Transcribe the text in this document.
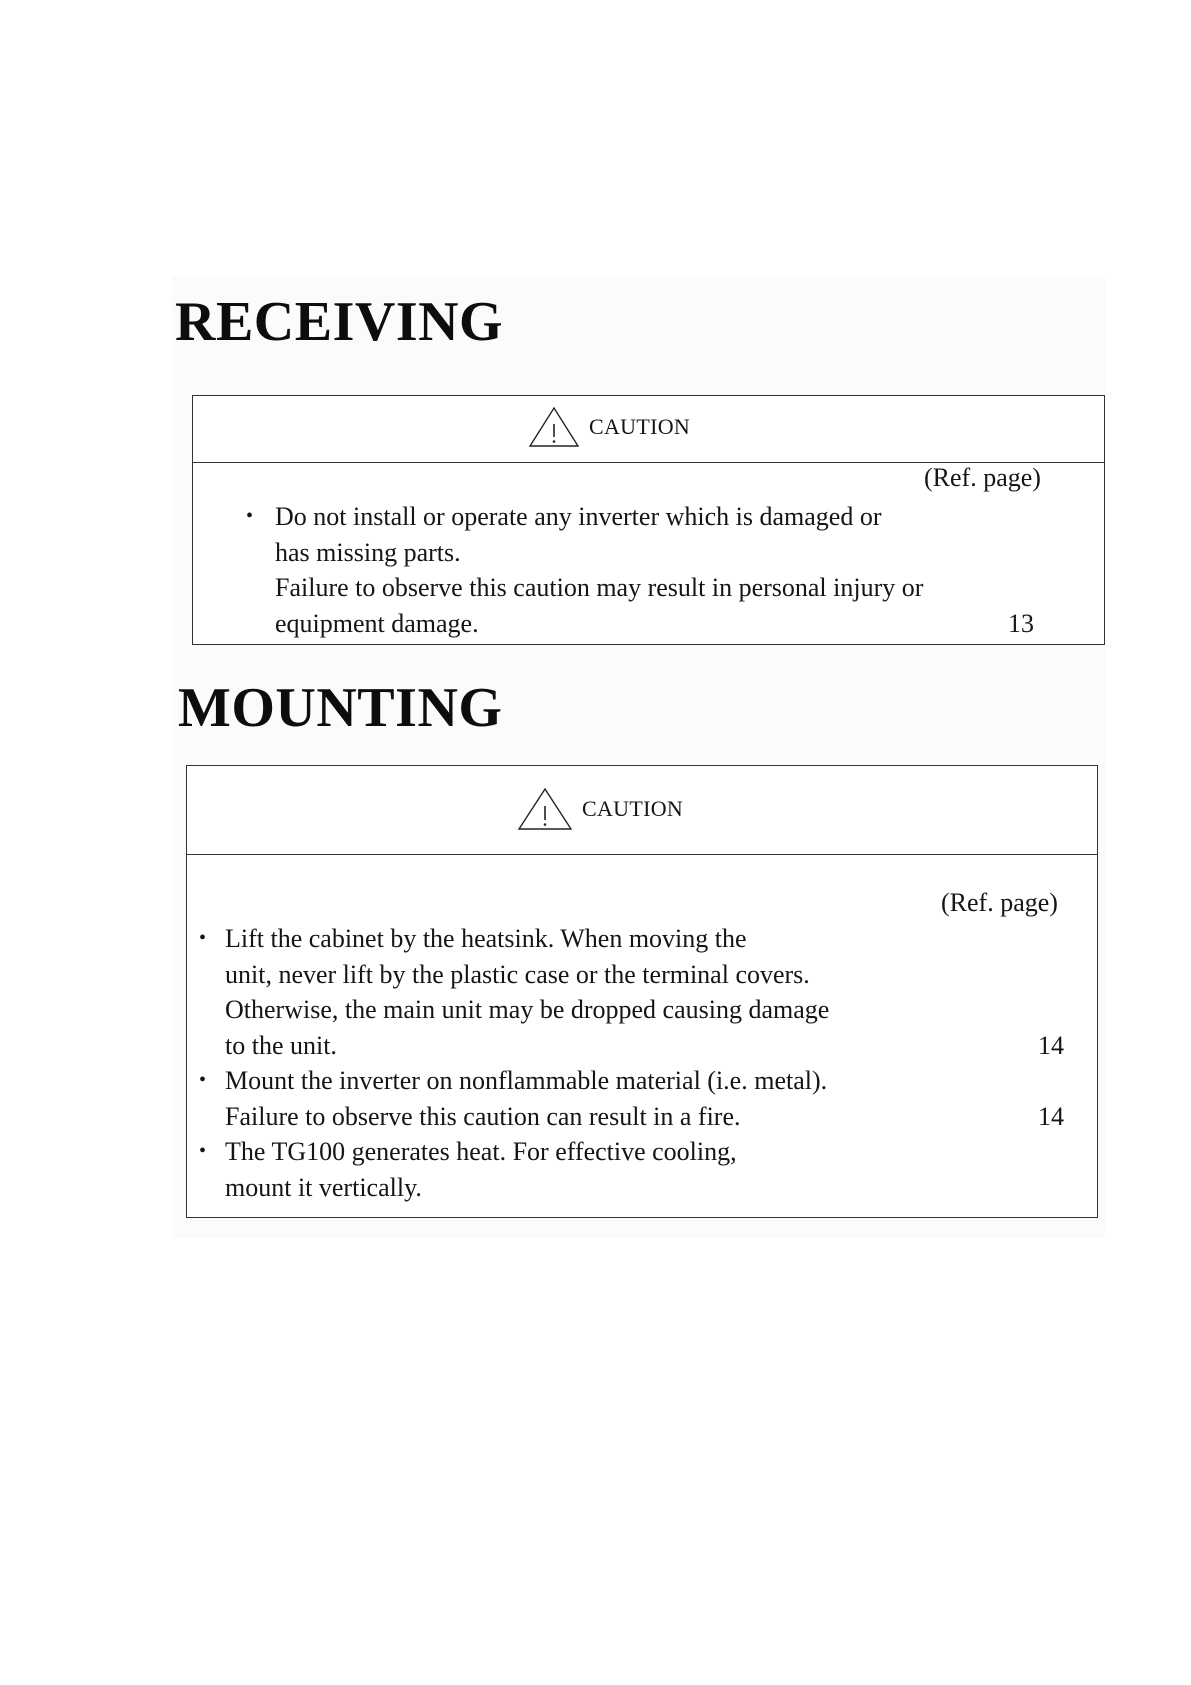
RECEIVING
CAUTION
(Ref. page)
• Do not install or operate any inverter which is damaged or
has missing parts.
Failure to observe this caution may result in personal injury or
equipment damage.	13
MOUNTING
CAUTION
(Ref. page)
• Lift the cabinet by the heatsink. When moving the
unit, never lift by the plastic case or the terminal covers.
Otherwise, the main unit may be dropped causing damage
to the unit.	14
• Mount the inverter on nonflammable material (i.e. metal).
Failure to observe this caution can result in a fire.	14
• The TG100 generates heat. For effective cooling,
mount it vertically.
